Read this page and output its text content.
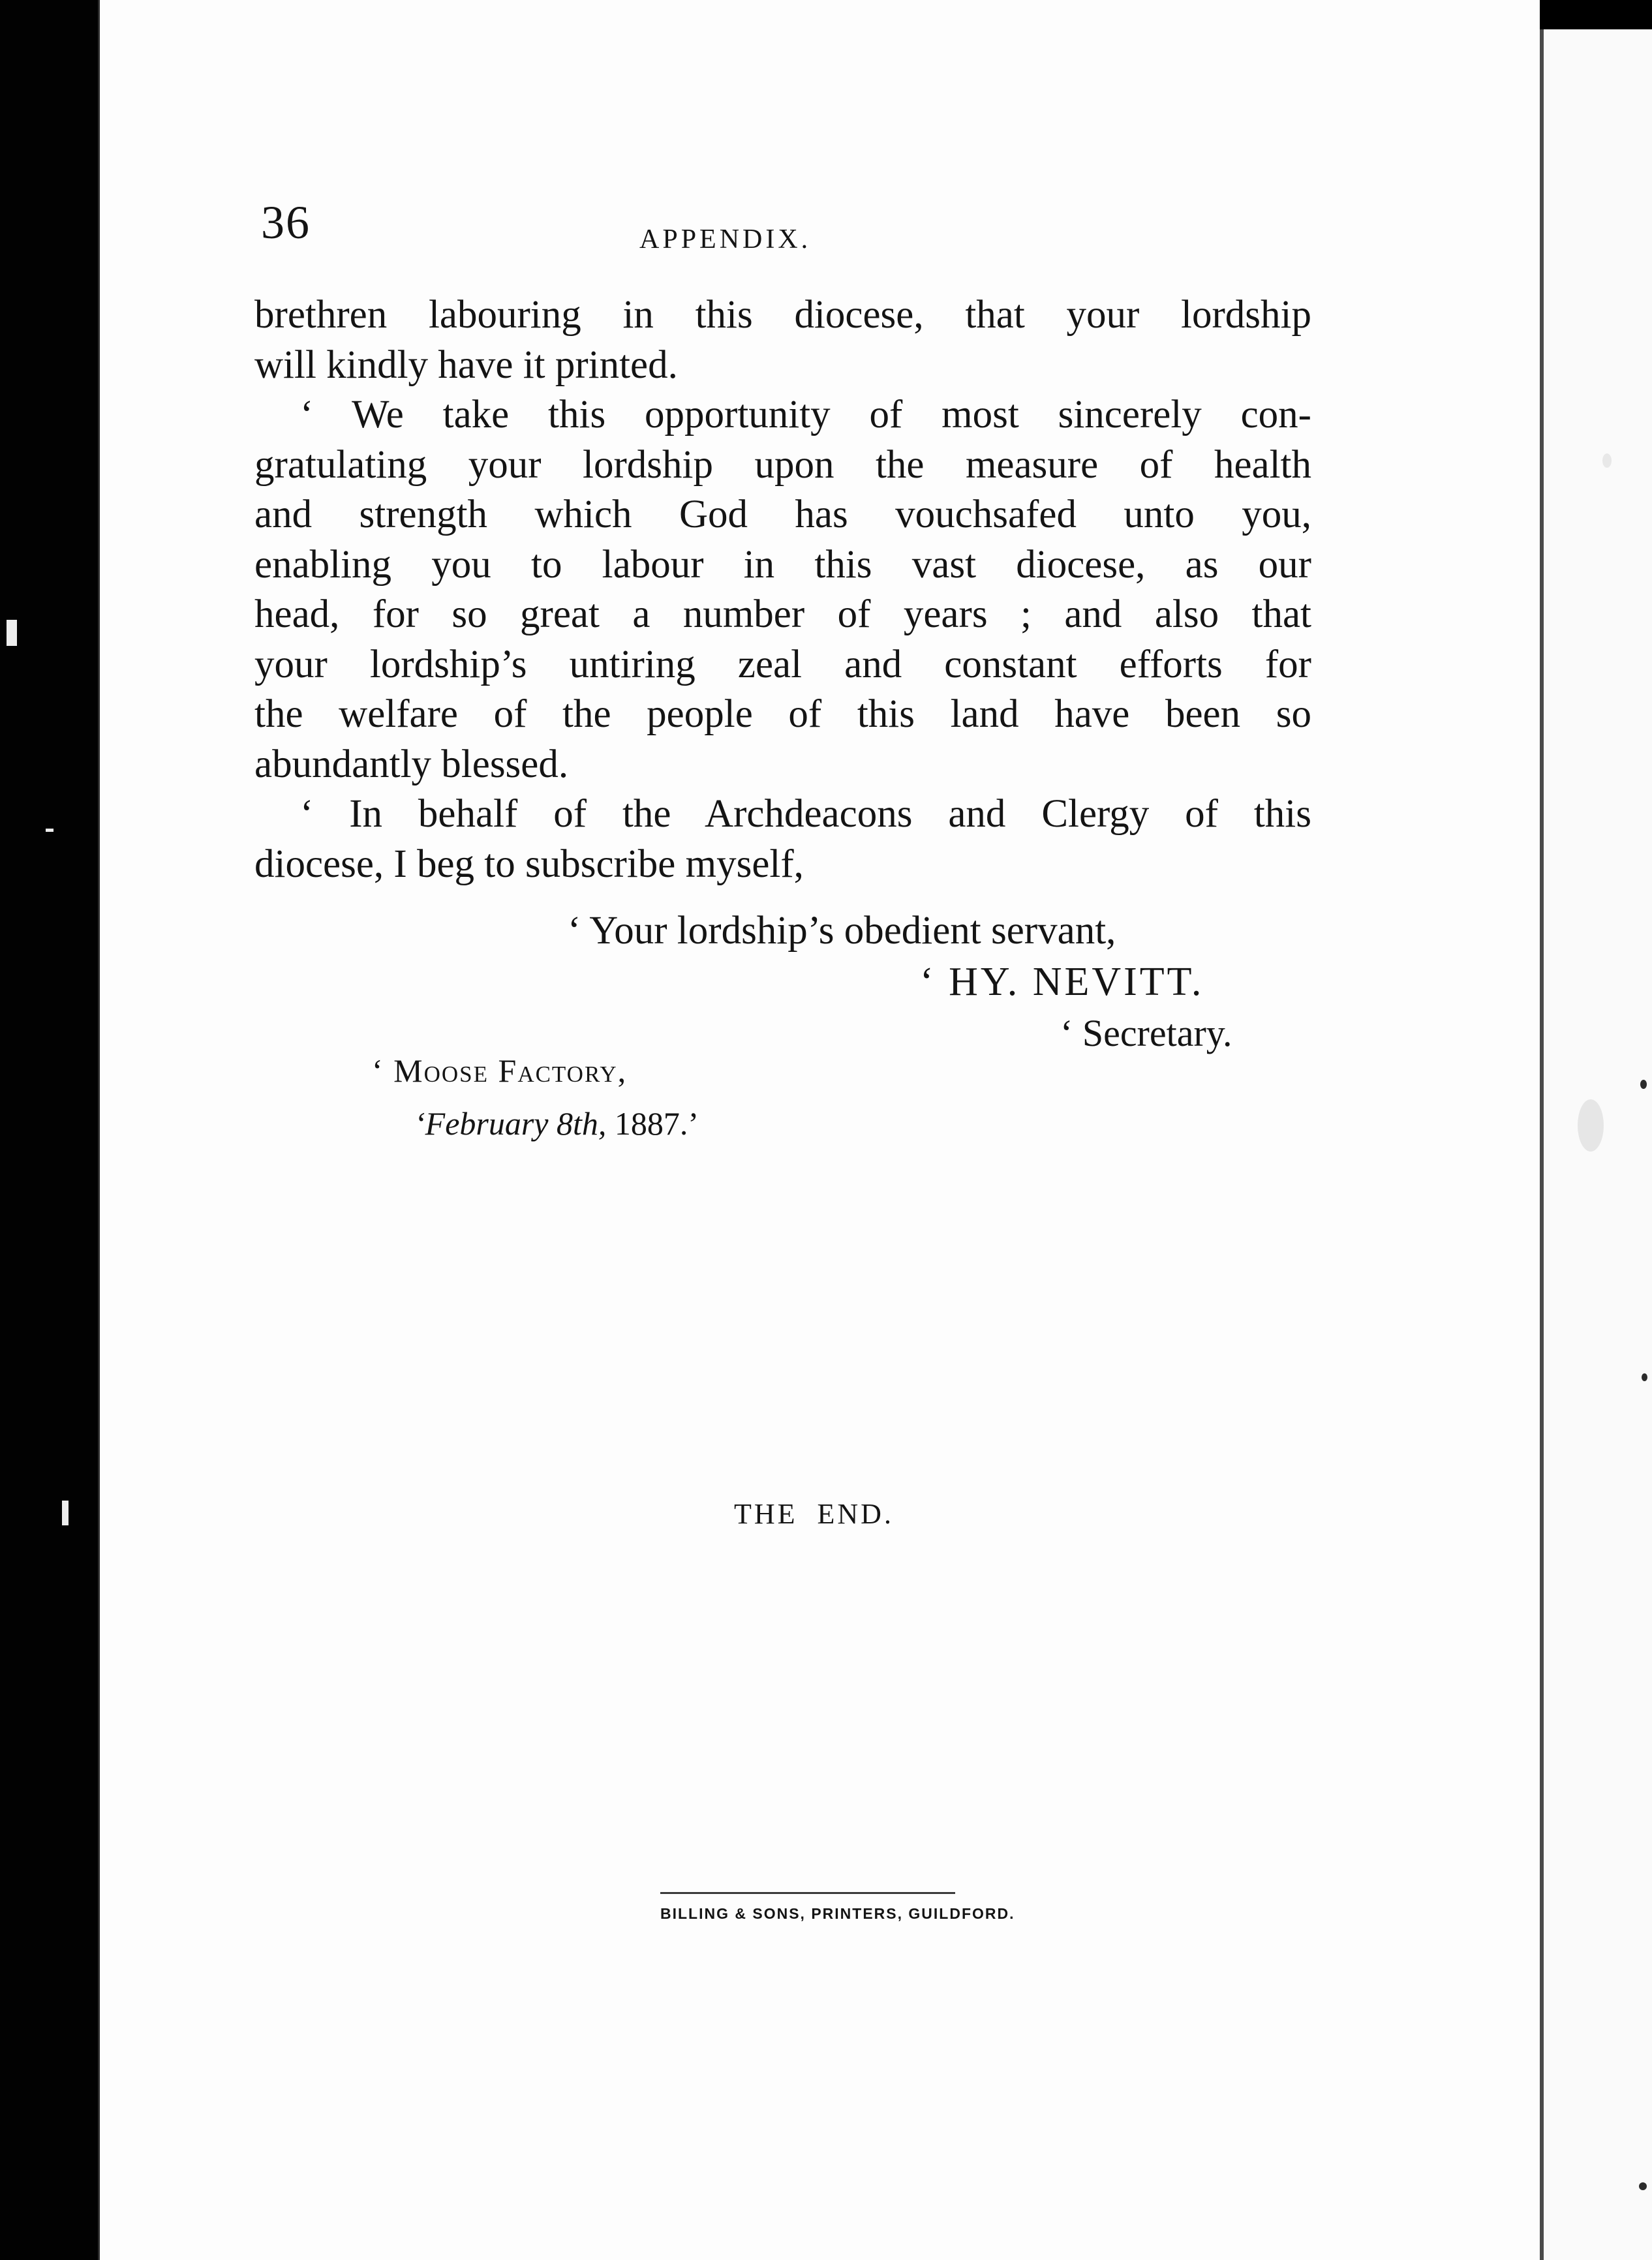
36	APPENDIX.
brethren labouring in this diocese, that your lordship
will kindly have it printed.
‘ We take this opportunity of most sincerely con-
gratulating your lordship upon the measure of health
and strength which God has vouchsafed unto you,
enabling you to labour in this vast diocese, as our
head, for so great a number of years ; and also that
your lordship’s untiring zeal and constant efforts for
the welfare of the people of this land have been so
abundantly blessed.
‘ In behalf of the Archdeacons and Clergy of this
diocese, I beg to subscribe myself,
‘ Your lordship’s obedient servant,
‘ HY. NEVITT.
‘ Secretary.
‘ Moose Factory,
‘February 8th, 1887.’
THE  END.
BILLING & SONS, PRINTERS, GUILDFORD.
